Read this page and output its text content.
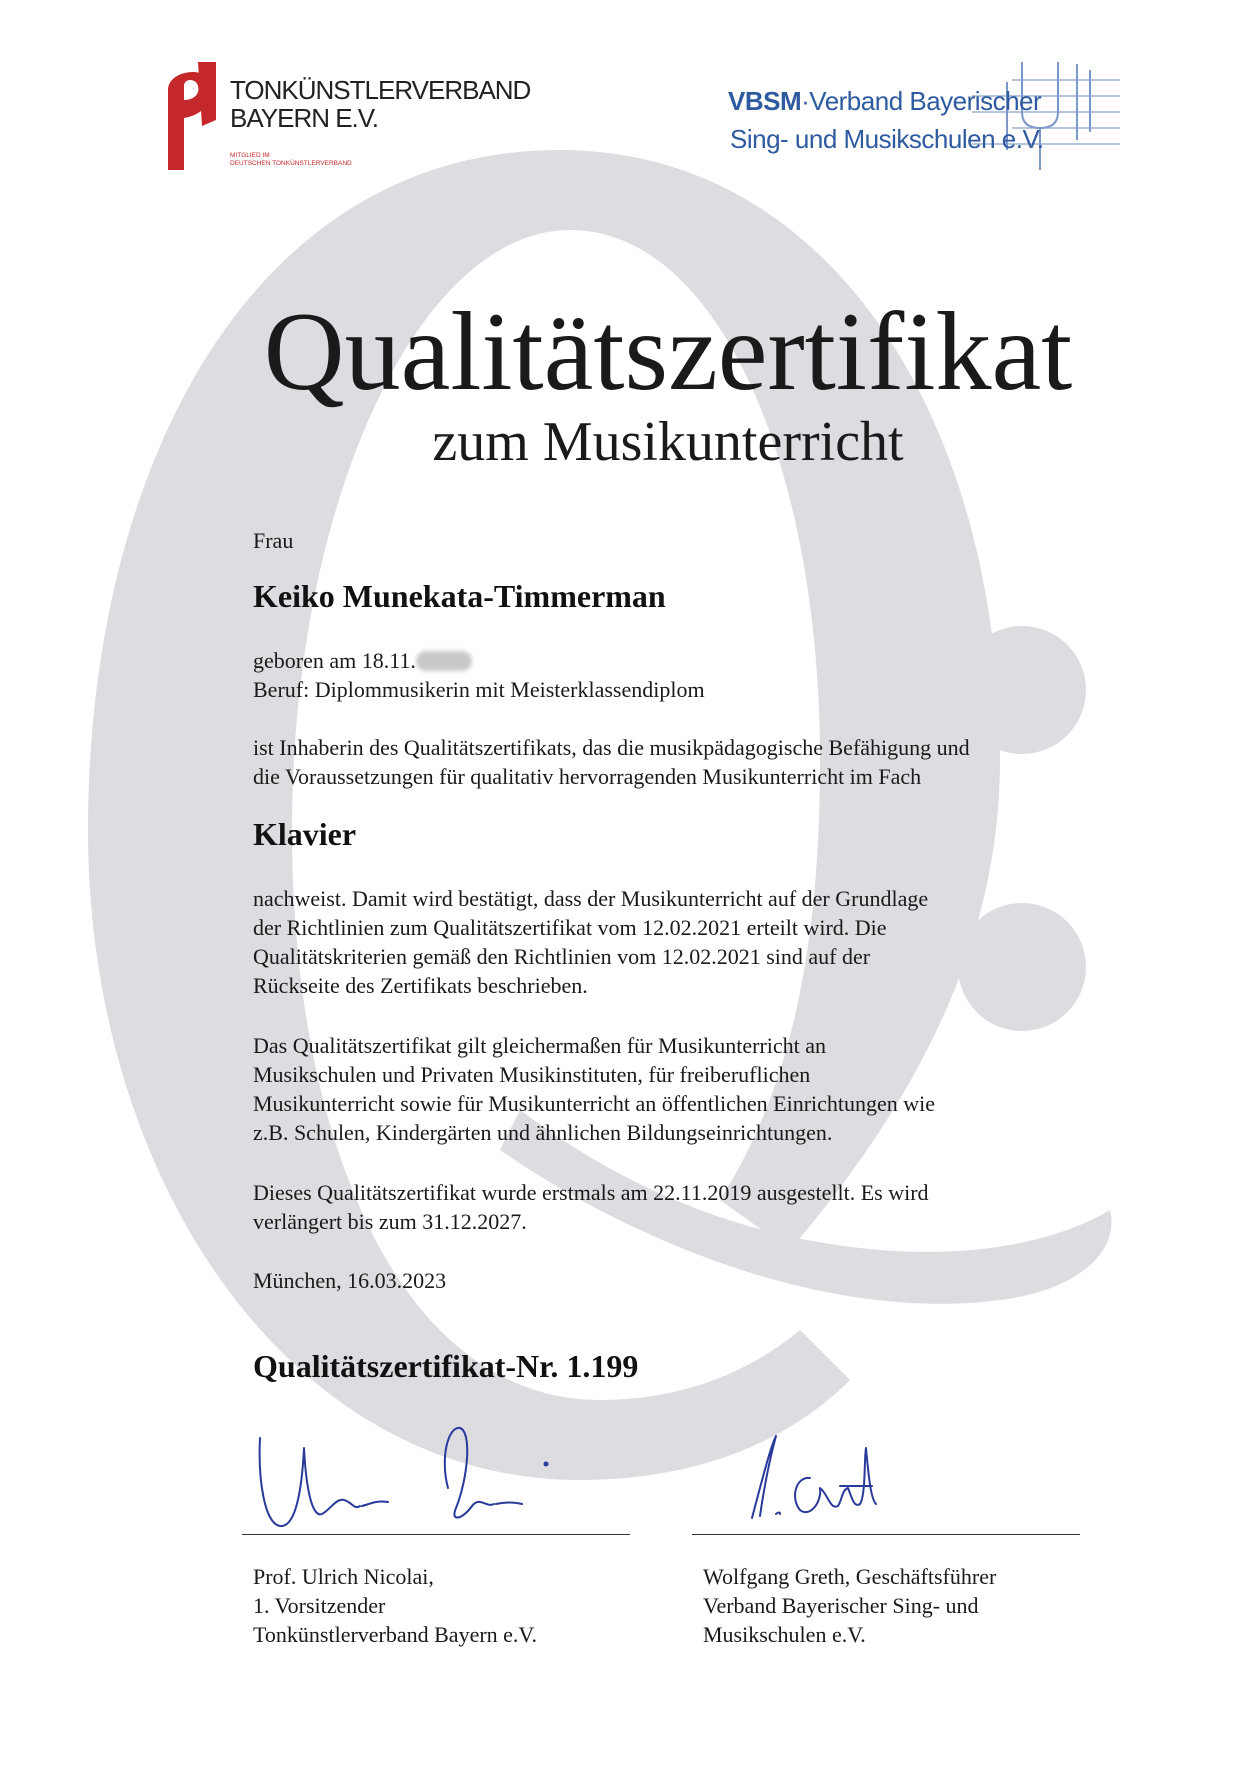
TONKÜNSTLERVERBAND
BAYERN E.V.
MITGLIED IM
DEUTSCHEN TONKÜNSTLERVERBAND
VBSM·Verband Bayerischer
Sing- und Musikschulen e.V.
Qualitätszertifikat
zum Musikunterricht
Frau
Keiko Munekata-Timmerman
geboren am 18.11.
Beruf: Diplommusikerin mit Meisterklassendiplom
ist Inhaberin des Qualitätszertifikats, das die musikpädagogische Befähigung und
die Voraussetzungen für qualitativ hervorragenden Musikunterricht im Fach
Klavier
nachweist. Damit wird bestätigt, dass der Musikunterricht auf der Grundlage
der Richtlinien zum Qualitätszertifikat vom 12.02.2021 erteilt wird. Die
Qualitätskriterien gemäß den Richtlinien vom 12.02.2021 sind auf der
Rückseite des Zertifikats beschrieben.
Das Qualitätszertifikat gilt gleichermaßen für Musikunterricht an
Musikschulen und Privaten Musikinstituten, für freiberuflichen
Musikunterricht sowie für Musikunterricht an öffentlichen Einrichtungen wie
z.B. Schulen, Kindergärten und ähnlichen Bildungseinrichtungen.
Dieses Qualitätszertifikat wurde erstmals am 22.11.2019 ausgestellt. Es wird
verlängert bis zum 31.12.2027.
München, 16.03.2023
Qualitätszertifikat-Nr. 1.199
Prof. Ulrich Nicolai,
1. Vorsitzender
Tonkünstlerverband Bayern e.V.
Wolfgang Greth, Geschäftsführer
Verband Bayerischer Sing- und
Musikschulen e.V.
